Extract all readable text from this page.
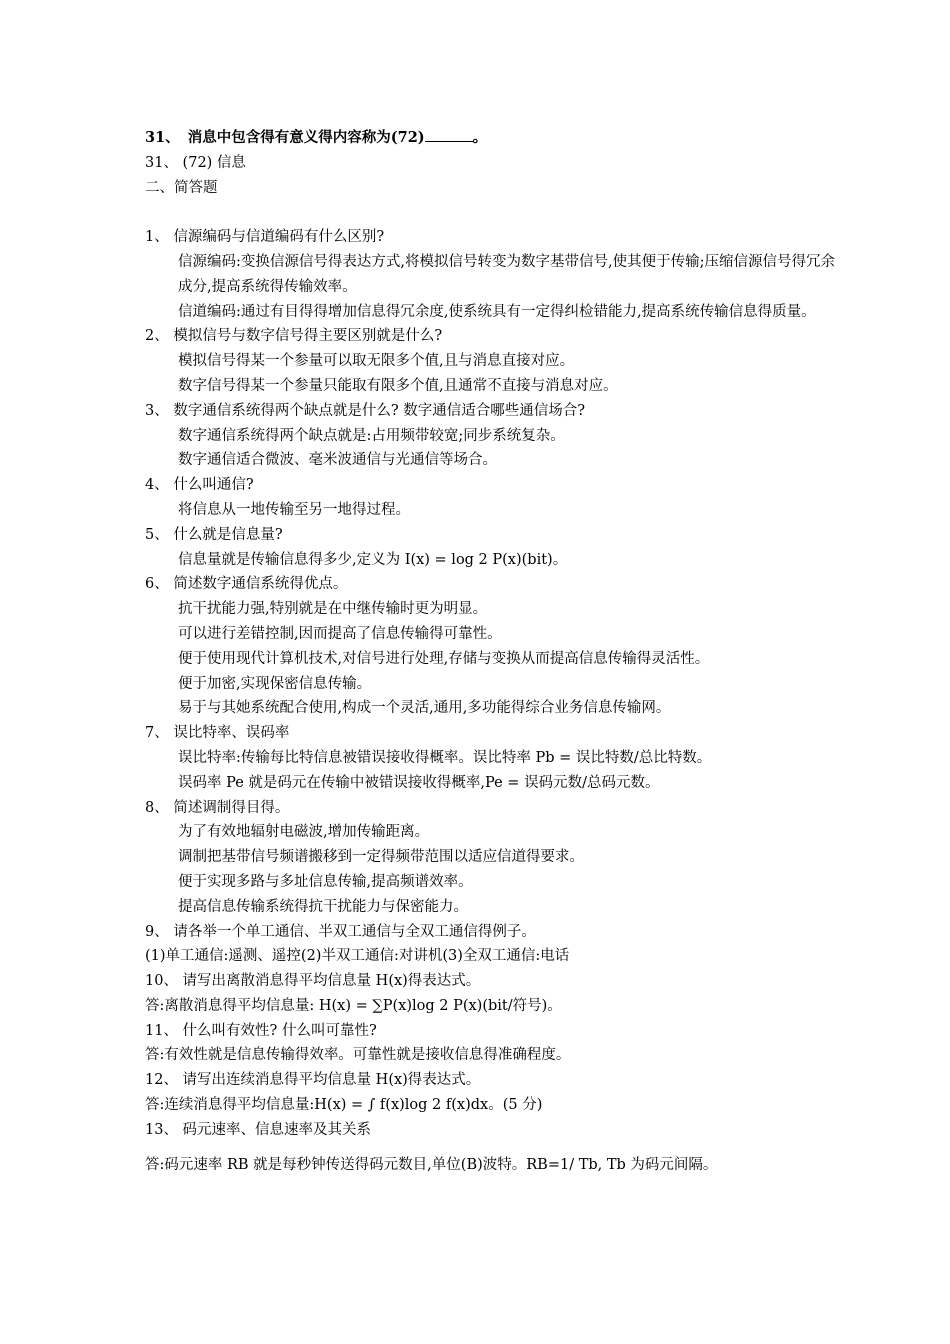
31、 消息中包含得有意义得内容称为(72)	。
31、 (72) 信息
二、简答题
1、 信源编码与信道编码有什么区别?
信源编码:变换信源信号得表达方式,将模拟信号转变为数字基带信号,使其便于传输;压缩信源信号得冗余成分,提高系统得传输效率。
信道编码:通过有目得得增加信息得冗余度,使系统具有一定得纠检错能力,提高系统传输信息得质量。
2、 模拟信号与数字信号得主要区别就是什么?
模拟信号得某一个参量可以取无限多个值,且与消息直接对应。
数字信号得某一个参量只能取有限多个值,且通常不直接与消息对应。
3、 数字通信系统得两个缺点就是什么? 数字通信适合哪些通信场合?
数字通信系统得两个缺点就是:占用频带较宽;同步系统复杂。
数字通信适合微波、毫米波通信与光通信等场合。
4、 什么叫通信?
将信息从一地传输至另一地得过程。
5、 什么就是信息量?
信息量就是传输信息得多少,定义为 I(x) = log 2 P(x)(bit)。
6、 简述数字通信系统得优点。
抗干扰能力强,特别就是在中继传输时更为明显。
可以进行差错控制,因而提高了信息传输得可靠性。
便于使用现代计算机技术,对信号进行处理,存储与变换从而提高信息传输得灵活性。
便于加密,实现保密信息传输。
易于与其她系统配合使用,构成一个灵活,通用,多功能得综合业务信息传输网。
7、 误比特率、误码率
误比特率:传输每比特信息被错误接收得概率。误比特率 Pb = 误比特数/总比特数。
误码率 Pe 就是码元在传输中被错误接收得概率,Pe = 误码元数/总码元数。
8、 简述调制得目得。
为了有效地辐射电磁波,增加传输距离。
调制把基带信号频谱搬移到一定得频带范围以适应信道得要求。
便于实现多路与多址信息传输,提高频谱效率。
提高信息传输系统得抗干扰能力与保密能力。
9、 请各举一个单工通信、半双工通信与全双工通信得例子。
(1)单工通信:遥测、遥控(2)半双工通信:对讲机(3)全双工通信:电话
10、 请写出离散消息得平均信息量 H(x)得表达式。
答:离散消息得平均信息量: H(x) = ∑P(x)log 2 P(x)(bit/符号)。
11、 什么叫有效性? 什么叫可靠性?
答:有效性就是信息传输得效率。可靠性就是接收信息得准确程度。
12、 请写出连续消息得平均信息量 H(x)得表达式。
答:连续消息得平均信息量:H(x) = ∫ f(x)log 2 f(x)dx。(5 分)
13、 码元速率、信息速率及其关系
答:码元速率 RB 就是每秒钟传送得码元数目,单位(B)波特。RB=1/ Tb, Tb 为码元间隔。
